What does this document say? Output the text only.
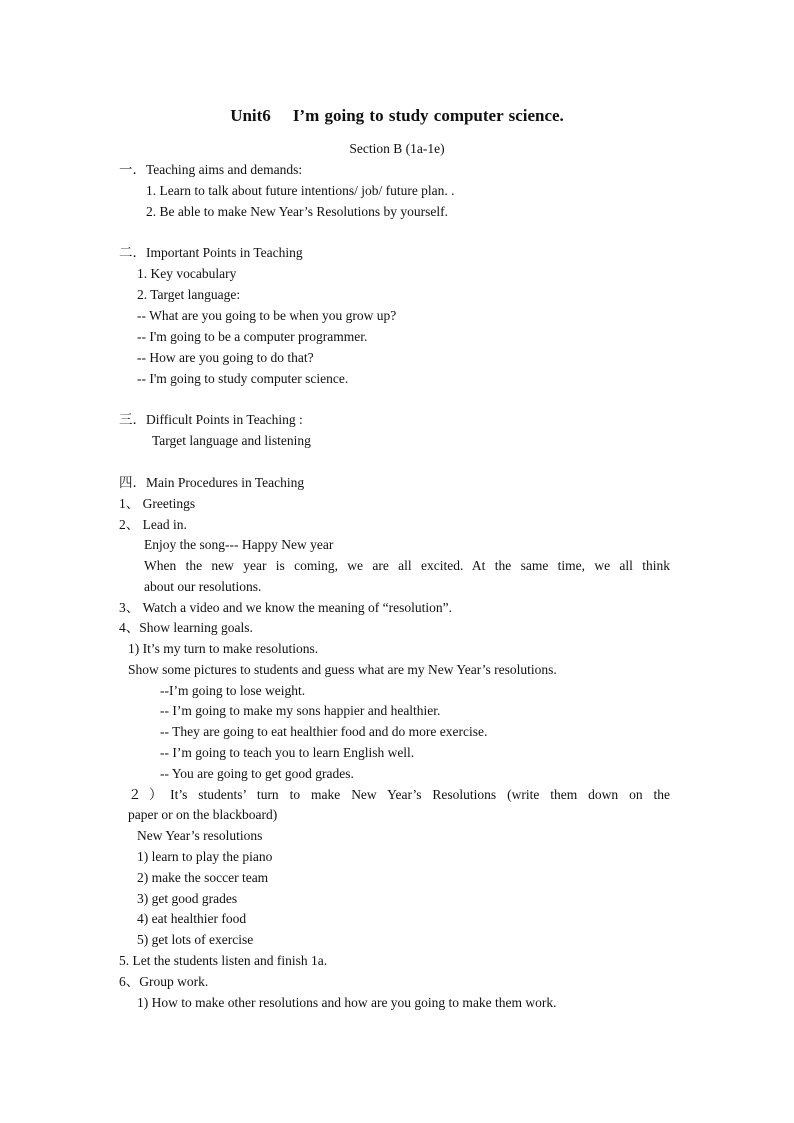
Unit6 I’m going to study computer science.
Section B (1a-1e)
一．Teaching aims and demands:
1. Learn to talk about future intentions/ job/ future plan. .
2. Be able to make New Year’s Resolutions by yourself.
二．Important Points in Teaching
1. Key vocabulary
2. Target language:
-- What are you going to be when you grow up?
-- I'm going to be a computer programmer.
-- How are you going to do that?
-- I'm going to study computer science.
三．Difficult Points in Teaching :
Target language and listening
四．Main Procedures in Teaching
1、 Greetings
2、 Lead in.
Enjoy the song--- Happy New year
When the new year is coming, we are all excited. At the same time, we all think
about our resolutions.
3、 Watch a video and we know the meaning of “resolution”.
4、Show learning goals.
1) It’s my turn to make resolutions.
Show some pictures to students and guess what are my New Year’s resolutions.
--I’m going to lose weight.
-- I’m going to make my sons happier and healthier.
-- They are going to eat healthier food and do more exercise.
-- I’m going to teach you to learn English well.
-- You are going to get good grades.
２）It’s students’ turn to make New Year’s Resolutions (write them down on the
paper or on the blackboard)
New Year’s resolutions
1) learn to play the piano
2) make the soccer team
3) get good grades
4) eat healthier food
5) get lots of exercise
5. Let the students listen and finish 1a.
6、Group work.
1) How to make other resolutions and how are you going to make them work.
